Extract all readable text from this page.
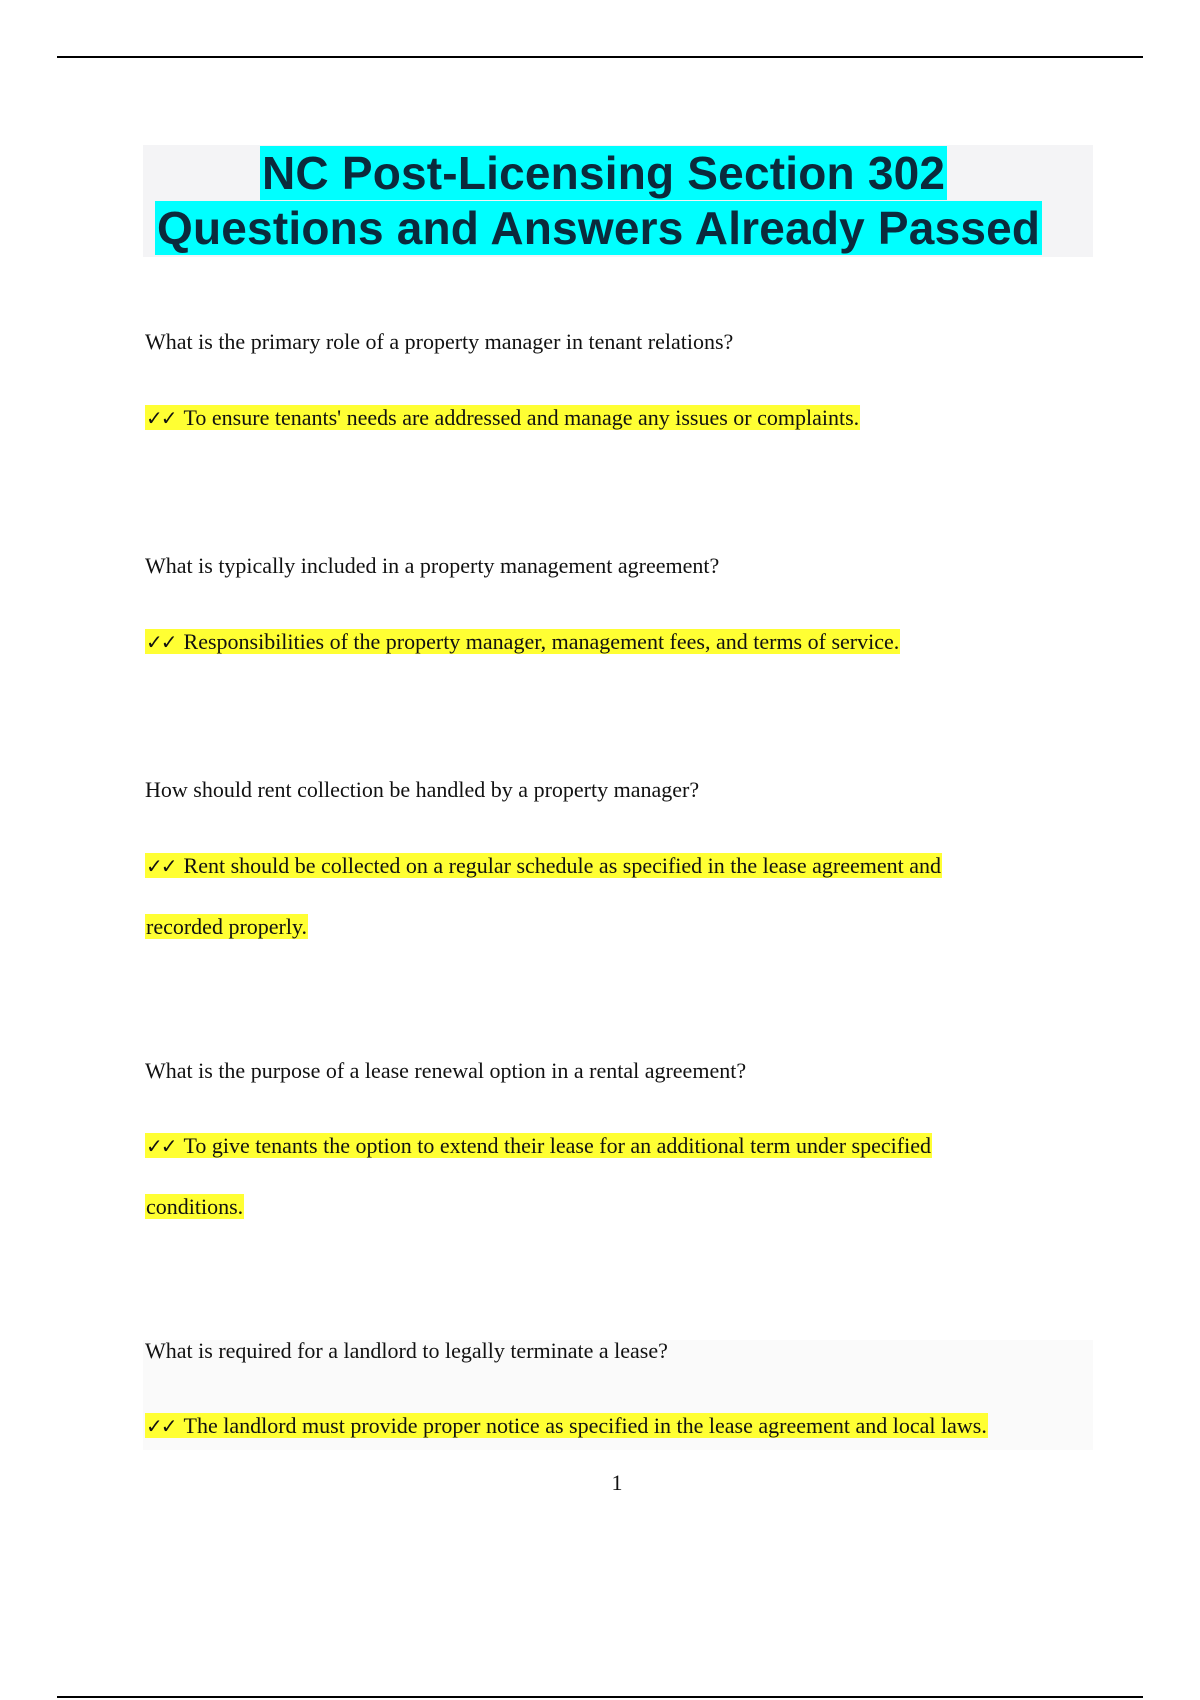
NC Post-Licensing Section 302
Questions and Answers Already Passed
What is the primary role of a property manager in tenant relations?
✓✓ To ensure tenants' needs are addressed and manage any issues or complaints.
What is typically included in a property management agreement?
✓✓ Responsibilities of the property manager, management fees, and terms of service.
How should rent collection be handled by a property manager?
✓✓ Rent should be collected on a regular schedule as specified in the lease agreement and
recorded properly.
What is the purpose of a lease renewal option in a rental agreement?
✓✓ To give tenants the option to extend their lease for an additional term under specified
conditions.
What is required for a landlord to legally terminate a lease?
✓✓ The landlord must provide proper notice as specified in the lease agreement and local laws.
1
